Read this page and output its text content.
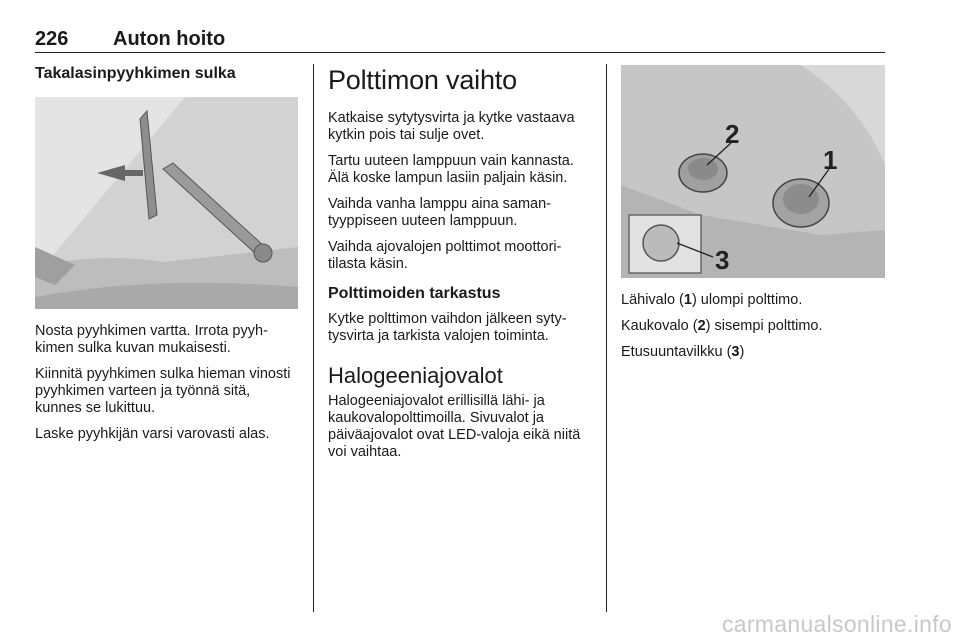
226 Auton hoito
Takalasinpyyhkimen sulka

Nosta pyyhkimen vartta. Irrota pyyh- kimen sulka kuvan mukaisesti.

Kiinnitä pyyhkimen sulka hieman vinosti pyyhkimen varteen ja työnnä sitä, kunnes se lukittuu.

Laske pyyhkijän varsi varovasti alas.

Polttimon vaihto

Katkaise sytytysvirta ja kytke vastaava kytkin pois tai sulje ovet.

Tartu uuteen lamppuun vain kannasta. Älä koske lampun lasiin paljain käsin.

Vaihda vanha lamppu aina saman- tyyppiseen uuteen lamppuun.

Vaihda ajovalojen polttimot moottori- tilasta käsin.

Polttimoiden tarkastus

Kytke polttimon vaihdon jälkeen syty- tysvirta ja tarkista valojen toiminta.

Halogeeniajovalot

Halogeeniajovalot erillisillä lähi- ja kaukovalopolttimoilla. Sivuvalot ja päiväajovalot ovat LED-valoja eikä niitä voi vaihtaa.

2
1
3

Lähivalo (1) ulompi polttimo.

Kaukovalo (2) sisempi polttimo.

Etusuuntavilkku (3)

carmanualsonline.info
